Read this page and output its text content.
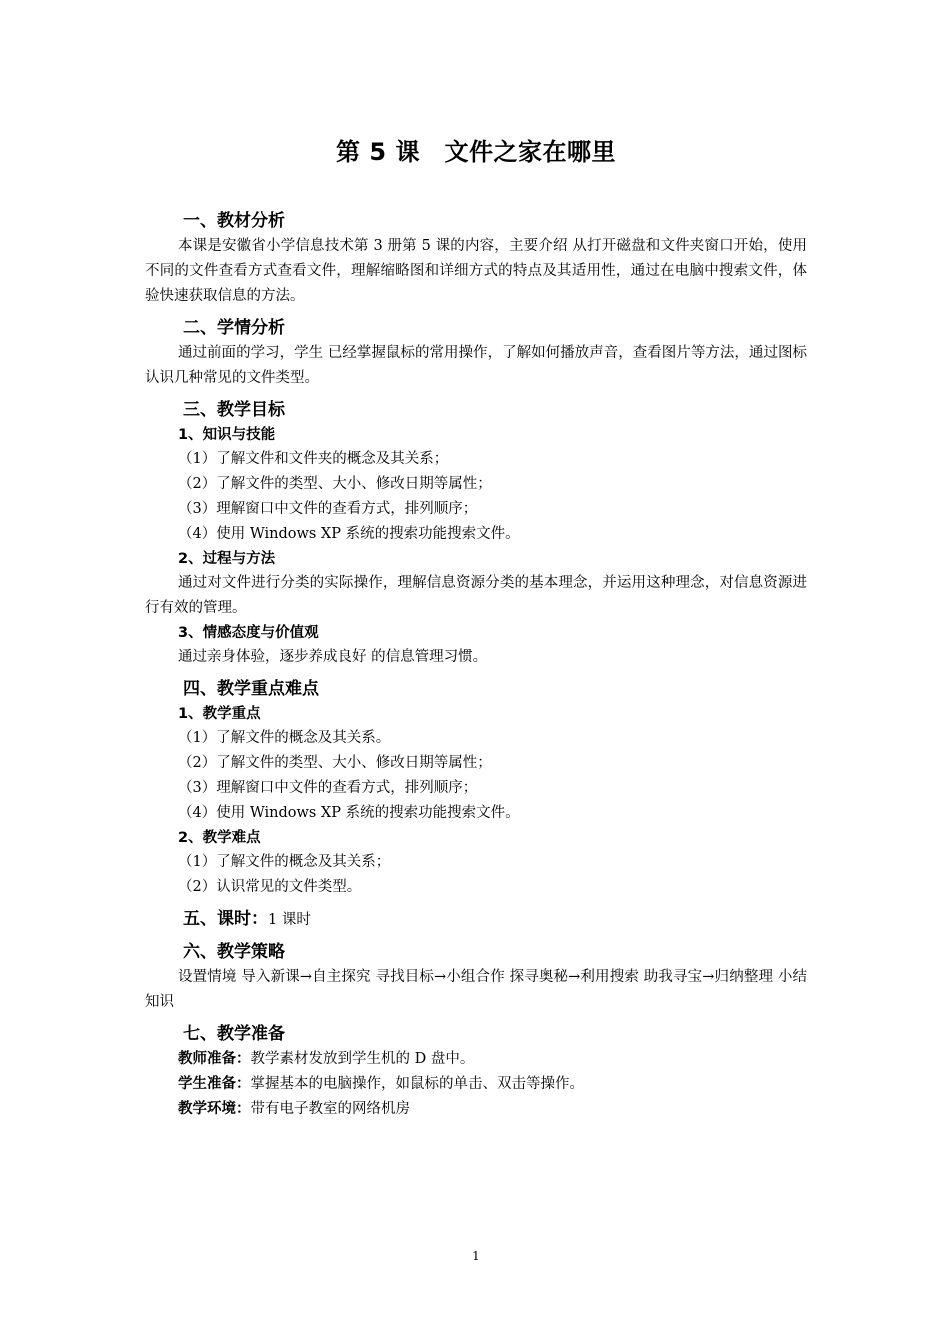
第 5 课　文件之家在哪里
一、教材分析

本课是安徽省小学信息技术第 3 册第 5 课的内容，主要介绍 从打开磁盘和文件夹窗口开始，使用不同的文件查看方式查看文件，理解缩略图和详细方式的特点及其适用性，通过在电脑中搜索文件，体验快速获取信息的方法。

二、学情分析

通过前面的学习，学生 已经掌握鼠标的常用操作，了解如何播放声音，查看图片等方法，通过图标认识几种常见的文件类型。

三、教学目标
1、知识与技能
（1）了解文件和文件夹的概念及其关系；
（2）了解文件的类型、大小、修改日期等属性；
（3）理解窗口中文件的查看方式，排列顺序；
（4）使用 Windows XP 系统的搜索功能搜索文件。
2、过程与方法

通过对文件进行分类的实际操作，理解信息资源分类的基本理念，并运用这种理念，对信息资源进行有效的管理。

3、情感态度与价值观

通过亲身体验，逐步养成良好 的信息管理习惯。

四、教学重点难点
1、教学重点
（1）了解文件的概念及其关系。
（2）了解文件的类型、大小、修改日期等属性；
（3）理解窗口中文件的查看方式，排列顺序；
（4）使用 Windows XP 系统的搜索功能搜索文件。
2、教学难点
（1）了解文件的概念及其关系；
（2）认识常见的文件类型。
五、课时：1 课时
六、教学策略

设置情境 导入新课→自主探究 寻找目标→小组合作 探寻奥秘→利用搜索 助我寻宝→归纳整理 小结知识

七、教学准备
教师准备：教学素材发放到学生机的 D 盘中。
学生准备：掌握基本的电脑操作，如鼠标的单击、双击等操作。
教学环境：带有电子教室的网络机房
1
